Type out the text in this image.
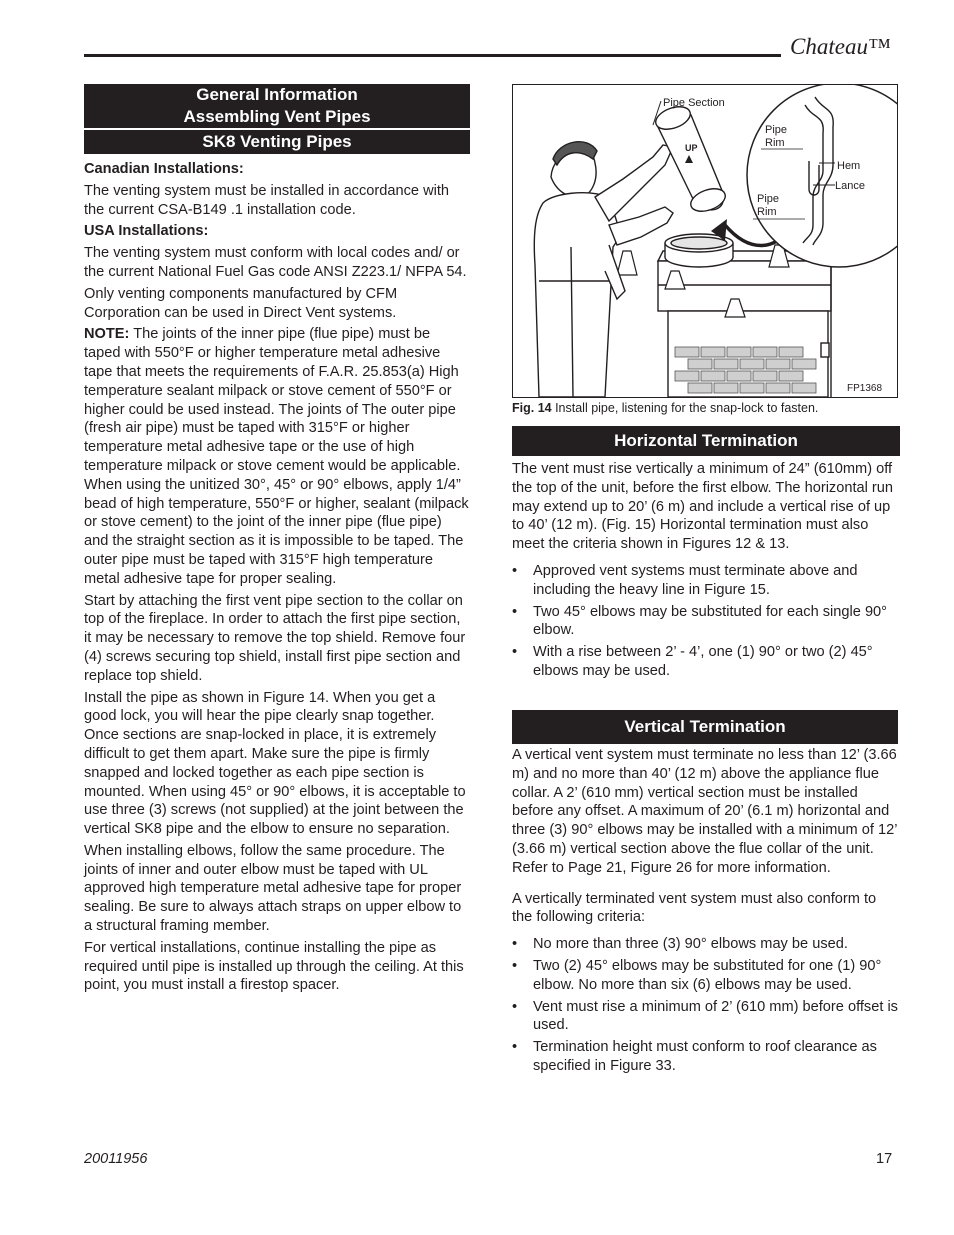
Chateau™
General Information
Assembling Vent Pipes
SK8 Venting Pipes

Canadian Installations:

The venting system must be installed in accordance with the current CSA-B149 .1 installation code.

USA Installations:

The venting system must conform with local codes and/ or the current National Fuel Gas code ANSI Z223.1/ NFPA 54.

Only venting components manufactured by CFM Corporation can be used in Direct Vent systems.

NOTE: The joints of the inner pipe (flue pipe) must be taped with 550°F or higher temperature metal adhesive tape that meets the requirements of F.A.R. 25.853(a) High temperature sealant milpack or stove cement of 550°F or higher could be used instead. The joints of The outer pipe (fresh air pipe) must be taped with 315°F or higher temperature metal adhesive tape or the use of high temperature milpack or stove cement would be applicable. When using the unitized 30°, 45° or 90° elbows, apply 1/4” bead of high temperature, 550°F or higher, sealant (milpack or stove cement) to the joint of the inner pipe (flue pipe) and the straight section as it is impossible to be taped. The outer pipe must be taped with 315°F high temperature metal adhesive tape for proper sealing.

Start by attaching the first vent pipe section to the collar on top of the fireplace. In order to attach the first pipe section, it may be necessary to remove the top shield. Remove four (4) screws securing top shield, install first pipe section and replace top shield.

Install the pipe as shown in Figure 14. When you get a good lock, you will hear the pipe clearly snap together. Once sections are snap-locked in place, it is extremely difficult to get them apart. Make sure the pipe is firmly snapped and locked together as each pipe section is mounted. When using 45° or 90° elbows, it is acceptable to use three (3) screws (not supplied) at the joint between the vertical SK8 pipe and the elbow to ensure no separation.

When installing elbows, follow the same procedure. The joints of inner and outer elbow must be taped with UL approved high temperature metal adhesive tape for proper sealing. Be sure to always attach straps on upper elbow to a structural framing member.

For vertical installations, continue installing the pipe as required until pipe is installed up through the ceiling. At this point, you must install a firestop spacer.

UP
Pipe Section
Pipe
Rim
Hem
Lance
Pipe
Rim
FP1368
Fig. 14 Install pipe, listening for the snap-lock to fasten.
Horizontal Termination

The vent must rise vertically a minimum of 24” (610mm) off the top of the unit, before the first elbow. The horizontal run may extend up to 20’ (6 m) and include a vertical rise of up to 40’ (12 m). (Fig. 15) Horizontal termination must also meet the criteria shown in Figures 12 & 13.

• Approved vent systems must terminate above and including the heavy line in Figure 15.
• Two 45° elbows may be substituted for each single 90° elbow.
• With a rise between 2’ - 4’, one (1) 90° or two (2) 45° elbows may be used.
Vertical Termination

A vertical vent system must terminate no less than 12’ (3.66 m) and no more than 40’ (12 m) above the appliance flue collar. A 2’ (610 mm) vertical section must be installed before any offset. A maximum of 20’ (6.1 m) horizontal and three (3) 90° elbows may be installed with a minimum of 12’ (3.66 m) vertical section above the flue collar of the unit. Refer to Page 21, Figure 26 for more information.

A vertically terminated vent system must also conform to the following criteria:

• No more than three (3) 90° elbows may be used.
• Two (2) 45° elbows may be substituted for one (1) 90° elbow. No more than six (6) elbows may be used.
• Vent must rise a minimum of 2’ (610 mm) before offset is used.
• Termination height must conform to roof clearance as specified in Figure 33.
20011956	17
